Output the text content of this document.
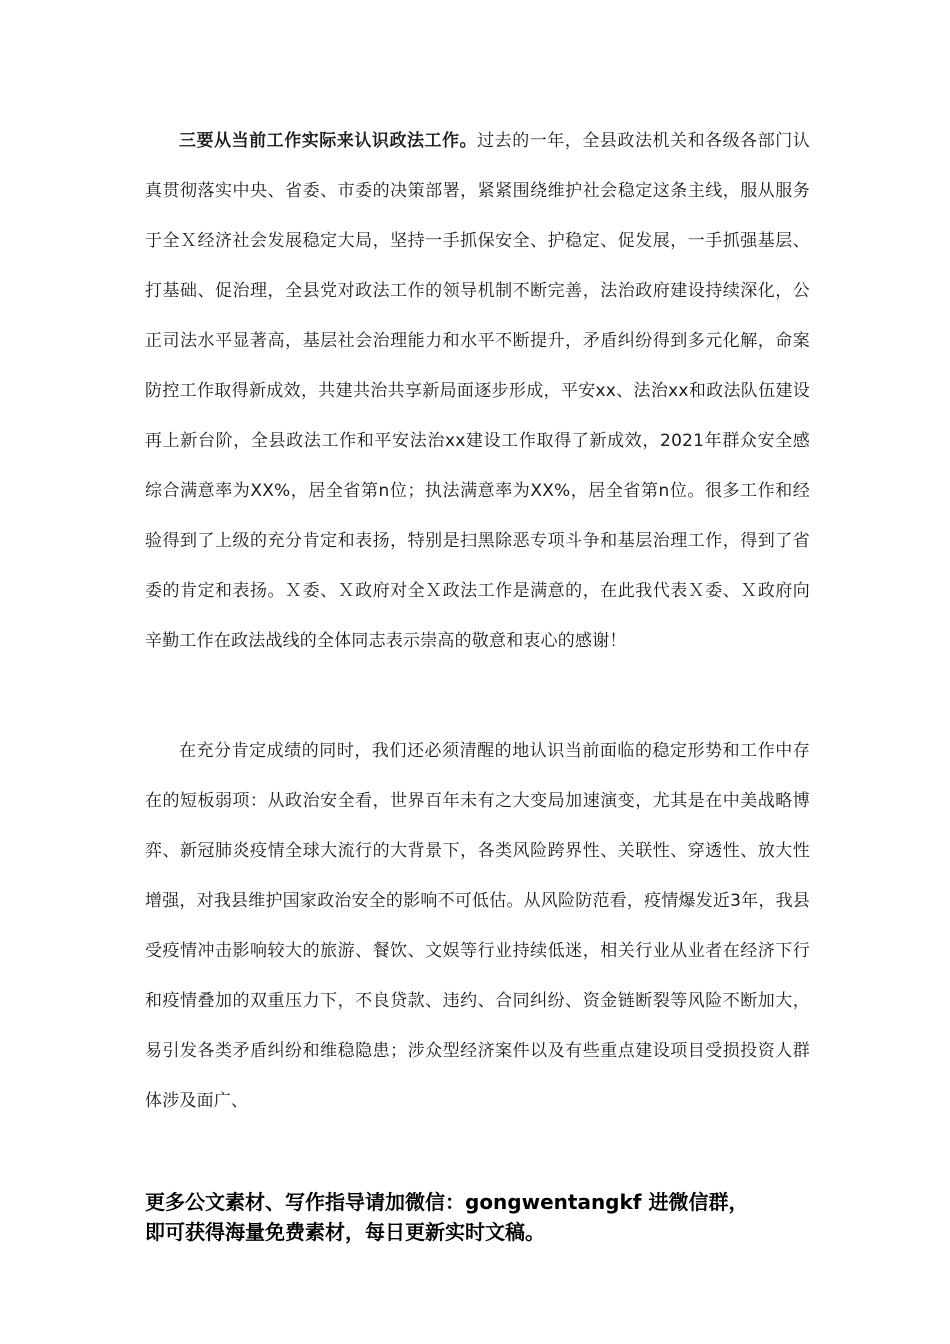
三要从当前工作实际来认识政法工作。过去的一年，全县政法机关和各级各部门认真贯彻落实中央、省委、市委的决策部署，紧紧围绕维护社会稳定这条主线，服从服务于全Ｘ经济社会发展稳定大局，坚持一手抓保安全、护稳定、促发展，一手抓强基层、打基础、促治理，全县党对政法工作的领导机制不断完善，法治政府建设持续深化，公正司法水平显著高，基层社会治理能力和水平不断提升，矛盾纠纷得到多元化解，命案防控工作取得新成效，共建共治共享新局面逐步形成，平安xx、法治xx和政法队伍建设再上新台阶，全县政法工作和平安法治xx建设工作取得了新成效，2021年群众安全感综合满意率为XX%，居全省第n位；执法满意率为XX%，居全省第n位。很多工作和经验得到了上级的充分肯定和表扬，特别是扫黑除恶专项斗争和基层治理工作，得到了省委的肯定和表扬。Ｘ委、Ｘ政府对全Ｘ政法工作是满意的，在此我代表Ｘ委、Ｘ政府向辛勤工作在政法战线的全体同志表示崇高的敬意和衷心的感谢！

在充分肯定成绩的同时，我们还必须清醒的地认识当前面临的稳定形势和工作中存在的短板弱项：从政治安全看，世界百年未有之大变局加速演变，尤其是在中美战略博弈、新冠肺炎疫情全球大流行的大背景下，各类风险跨界性、关联性、穿透性、放大性增强，对我县维护国家政治安全的影响不可低估。从风险防范看，疫情爆发近3年，我县受疫情冲击影响较大的旅游、餐饮、文娱等行业持续低迷，相关行业从业者在经济下行和疫情叠加的双重压力下，不良贷款、违约、合同纠纷、资金链断裂等风险不断加大，易引发各类矛盾纠纷和维稳隐患；涉众型经济案件以及有些重点建设项目受损投资人群体涉及面广、

更多公文素材、写作指导请加微信：gongwentangkf 进微信群，
即可获得海量免费素材，每日更新实时文稿。
